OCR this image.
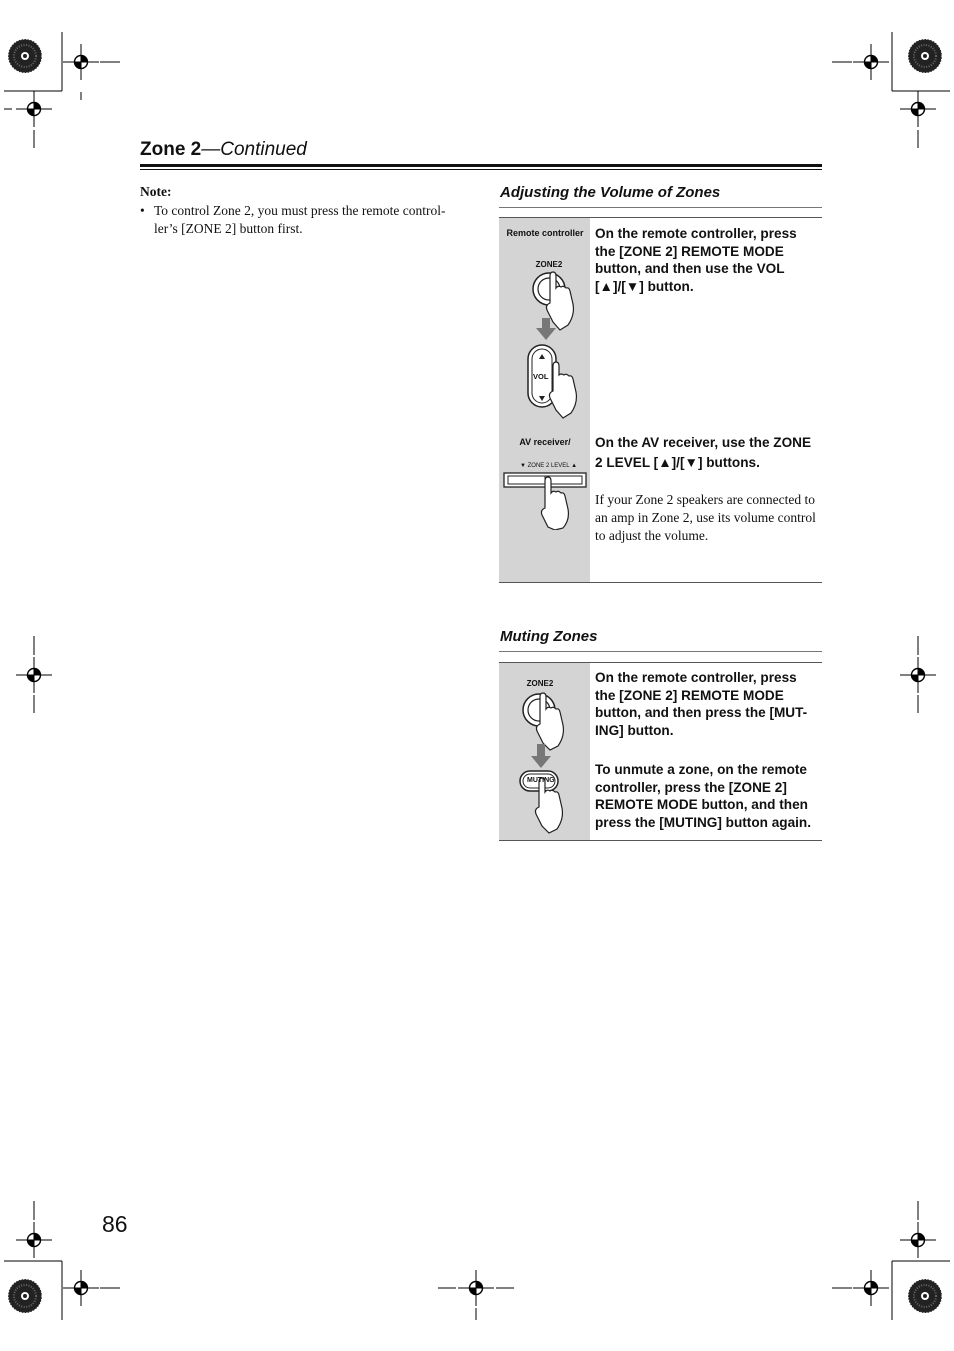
Zone 2—Continued
Note:
• To control Zone 2, you must press the remote control-ler’s [ZONE 2] button first.
Adjusting the Volume of Zones
Remote controller
ZONE2
VOL
On the remote controller, press the [ZONE 2] REMOTE MODE button, and then use the VOL [▲]/[▼] button.
AV receiver/
▼ ZONE 2 LEVEL ▲
On the AV receiver, use the ZONE 2 LEVEL [▲]/[▼] buttons.
If your Zone 2 speakers are connected to an amp in Zone 2, use its volume control to adjust the volume.
Muting Zones
ZONE2
MUTING
On the remote controller, press the [ZONE 2] REMOTE MODE button, and then press the [MUT-ING] button.
To unmute a zone, on the remote controller, press the [ZONE 2] REMOTE MODE button, and then press the [MUTING] button again.
86
